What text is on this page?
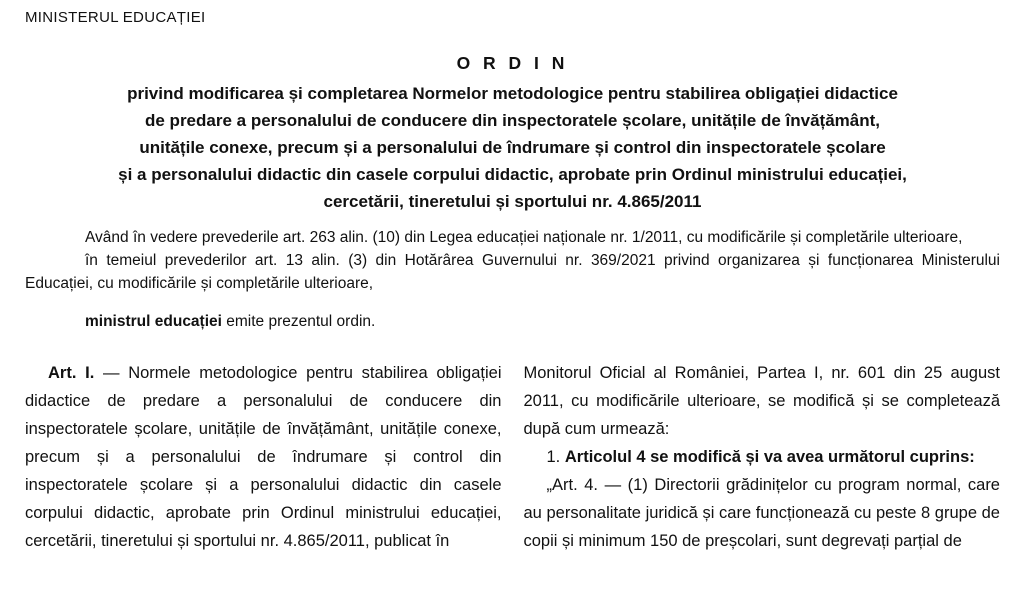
MINISTERUL EDUCAȚIEI
O R D I N
privind modificarea și completarea Normelor metodologice pentru stabilirea obligației didactice
de predare a personalului de conducere din inspectoratele școlare, unitățile de învățământ,
unitățile conexe, precum și a personalului de îndrumare și control din inspectoratele școlare
și a personalului didactic din casele corpului didactic, aprobate prin Ordinul ministrului educației,
cercetării, tineretului și sportului nr. 4.865/2011

Având în vedere prevederile art. 263 alin. (10) din Legea educației naționale nr. 1/2011, cu modificările și completările ulterioare,

în temeiul prevederilor art. 13 alin. (3) din Hotărârea Guvernului nr. 369/2021 privind organizarea și funcționarea Ministerului Educației, cu modificările și completările ulterioare,

ministrul educației emite prezentul ordin.

Art. I. — Normele metodologice pentru stabilirea obligației didactice de predare a personalului de conducere din inspectoratele școlare, unitățile de învățământ, unitățile conexe, precum și a personalului de îndrumare și control din inspectoratele școlare și a personalului didactic din casele corpului didactic, aprobate prin Ordinul ministrului educației, cercetării, tineretului și sportului nr. 4.865/2011, publicat în

Monitorul Oficial al României, Partea I, nr. 601 din 25 august 2011, cu modificările ulterioare, se modifică și se completează după cum urmează:

1. Articolul 4 se modifică și va avea următorul cuprins:

„Art. 4. — (1) Directorii grădinițelor cu program normal, care au personalitate juridică și care funcționează cu peste 8 grupe de copii și minimum 150 de preșcolari, sunt degrevați parțial de
